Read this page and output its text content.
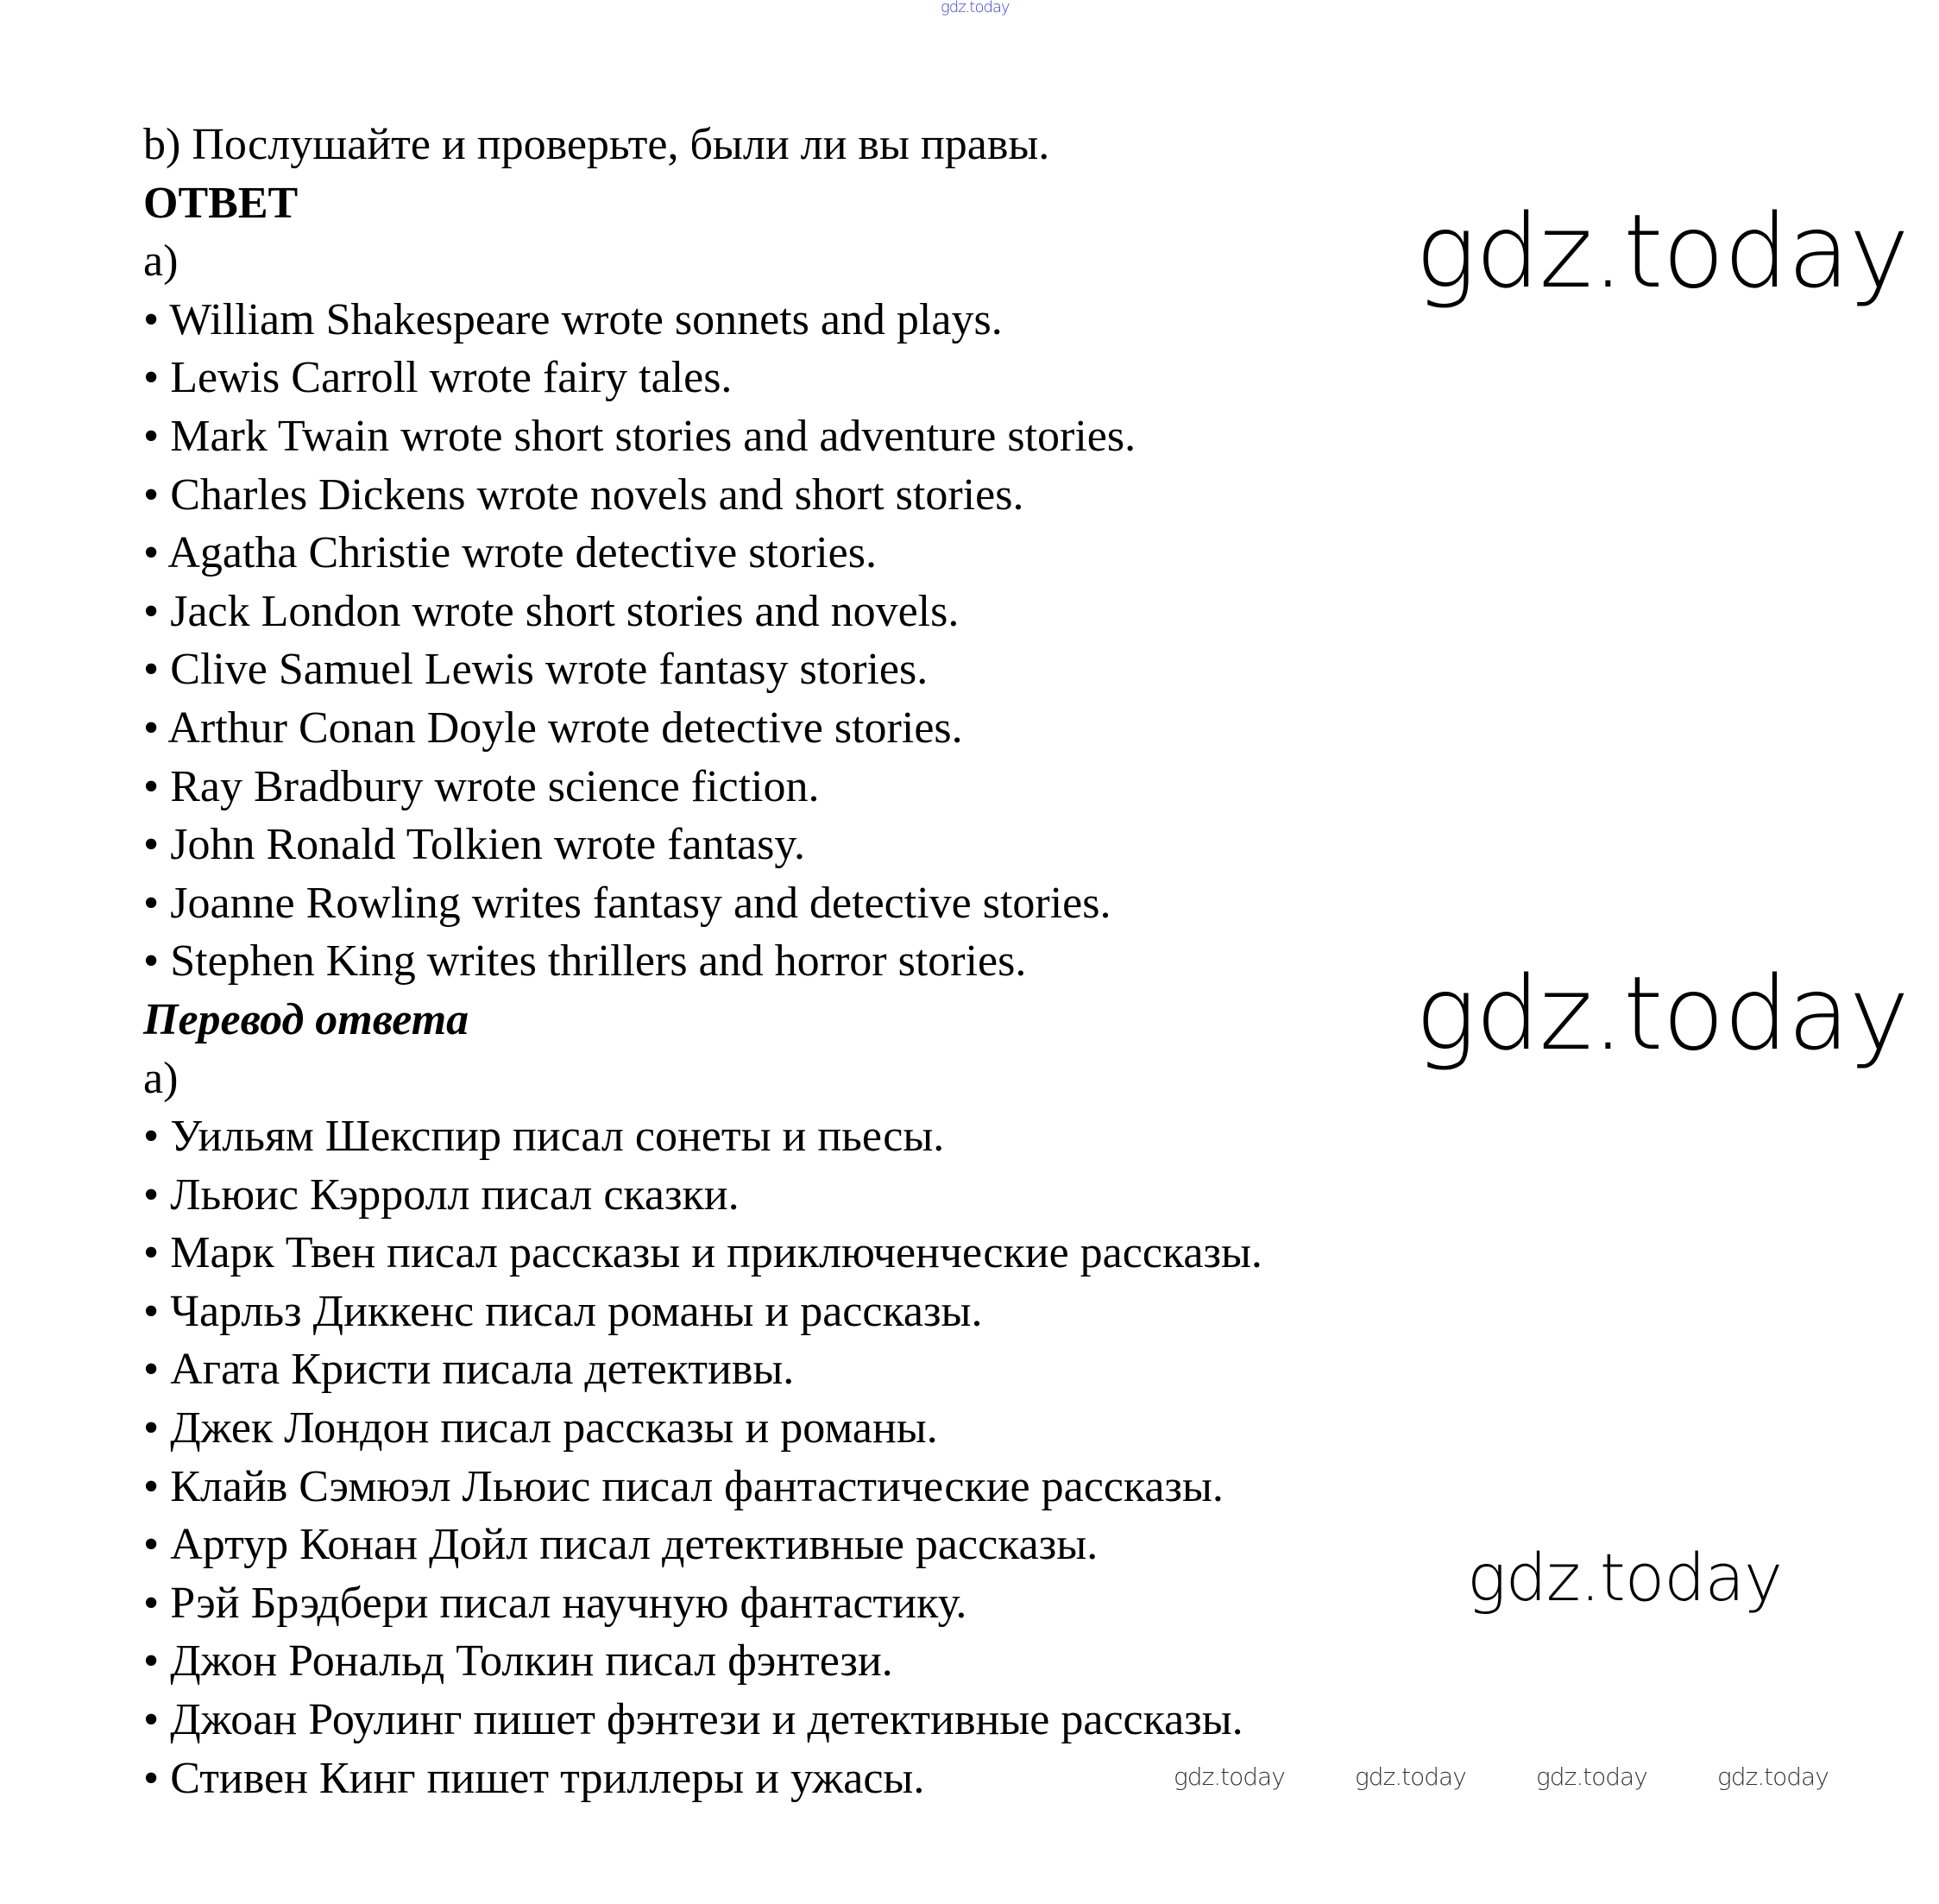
gdz.today
b) Послушайте и проверьте, были ли вы правы.
ОТВЕТ
a)
• William Shakespeare wrote sonnets and plays.
• Lewis Carroll wrote fairy tales.
• Mark Twain wrote short stories and adventure stories.
• Charles Dickens wrote novels and short stories.
• Agatha Christie wrote detective stories.
• Jack London wrote short stories and novels.
• Clive Samuel Lewis wrote fantasy stories.
• Arthur Conan Doyle wrote detective stories.
• Ray Bradbury wrote science fiction.
• John Ronald Tolkien wrote fantasy.
• Joanne Rowling writes fantasy and detective stories.
• Stephen King writes thrillers and horror stories.
Перевод ответа
a)
• Уильям Шекспир писал сонеты и пьесы.
• Льюис Кэрролл писал сказки.
• Марк Твен писал рассказы и приключенческие рассказы.
• Чарльз Диккенс писал романы и рассказы.
• Агата Кристи писала детективы.
• Джек Лондон писал рассказы и романы.
• Клайв Сэмюэл Льюис писал фантастические рассказы.
• Артур Конан Дойл писал детективные рассказы.
• Рэй Брэдбери писал научную фантастику.
• Джон Рональд Толкин писал фэнтези.
• Джоан Роулинг пишет фэнтези и детективные рассказы.
• Стивен Кинг пишет триллеры и ужасы.
gdz.today
gdz.today
gdz.today
gdz.today	gdz.today	gdz.today	gdz.today
